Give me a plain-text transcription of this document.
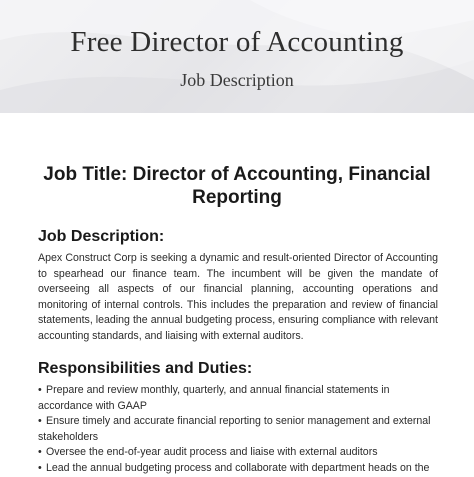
Free Director of Accounting
Job Description
Job Title: Director of Accounting, Financial Reporting
Job Description:
Apex Construct Corp is seeking a dynamic and result-oriented Director of Accounting to spearhead our finance team. The incumbent will be given the mandate of overseeing all aspects of our financial planning, accounting operations and monitoring of internal controls. This includes the preparation and review of financial statements, leading the annual budgeting process, ensuring compliance with relevant accounting standards, and liaising with external auditors.
Responsibilities and Duties:
• Prepare and review monthly, quarterly, and annual financial statements in accordance with GAAP
• Ensure timely and accurate financial reporting to senior management and external stakeholders
• Oversee the end-of-year audit process and liaise with external auditors
• Lead the annual budgeting process and collaborate with department heads on the
